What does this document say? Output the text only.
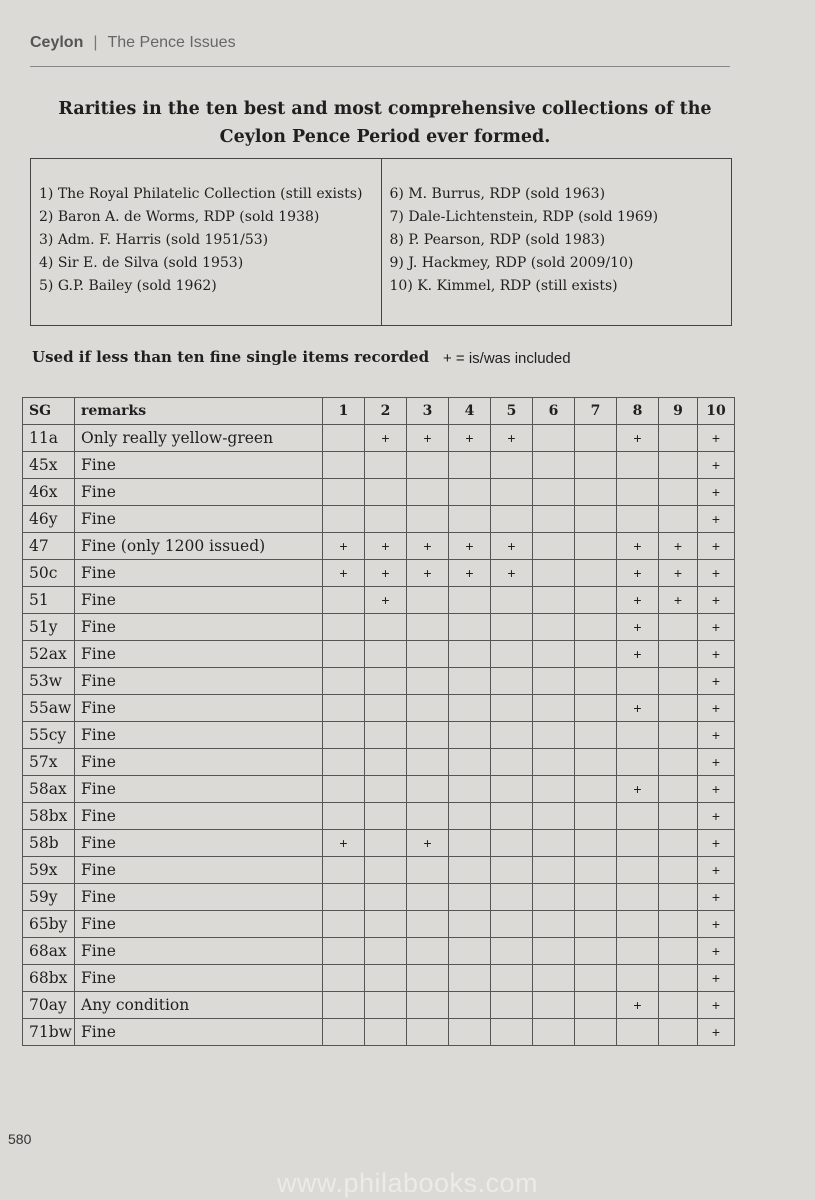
Ceylon | The Pence Issues
Rarities in the ten best and most comprehensive collections of the Ceylon Pence Period ever formed.
1) The Royal Philatelic Collection (still exists)
2) Baron A. de Worms, RDP (sold 1938)
3) Adm. F. Harris (sold 1951/53)
4) Sir E. de Silva (sold 1953)
5) G.P. Bailey (sold 1962)
6) M. Burrus, RDP (sold 1963)
7) Dale-Lichtenstein, RDP (sold 1969)
8) P. Pearson, RDP (sold 1983)
9) J. Hackmey, RDP (sold 2009/10)
10) K. Kimmel, RDP (still exists)
Used if less than ten fine single items recorded + = is/was included
SG	remarks	1	2	3	4	5	6	7	8	9	10
11a	Only really yellow-green		+	+	+	+			+		+
45x	Fine										+
46x	Fine										+
46y	Fine										+
47	Fine (only 1200 issued)	+	+	+	+	+			+	+	+
50c	Fine	+	+	+	+	+			+	+	+
51	Fine		+						+	+	+
51y	Fine								+		+
52ax	Fine								+		+
53w	Fine										+
55aw	Fine								+		+
55cy	Fine										+
57x	Fine										+
58ax	Fine								+		+
58bx	Fine										+
58b	Fine	+		+							+
59x	Fine										+
59y	Fine										+
65by	Fine										+
68ax	Fine										+
68bx	Fine										+
70ay	Any condition								+		+
71bw	Fine										+
580
www.philabooks.com
